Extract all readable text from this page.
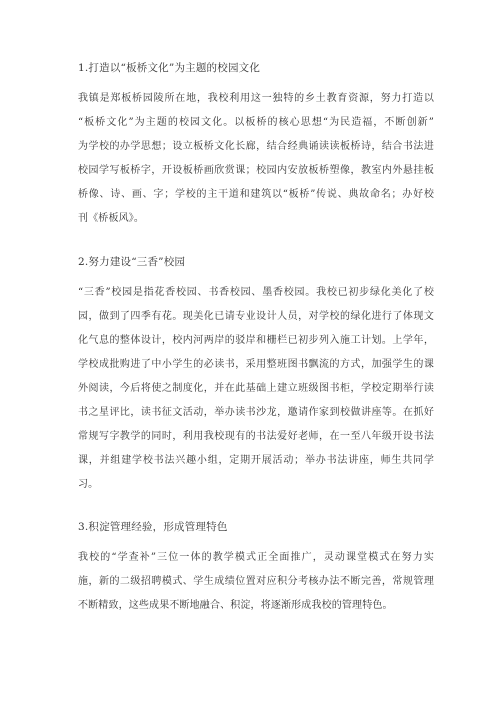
1.打造以“板桥文化”为主题的校园文化

我镇是郑板桥园陵所在地，我校利用这一独特的乡土教育资源，努力打造以
“板桥文化”为主题的校园文化。以板桥的核心思想“为民造福，不断创新”
为学校的办学思想；设立板桥文化长廊，结合经典诵读读板桥诗，结合书法进
校园学写板桥字，开设板桥画欣赏课；校园内安放板桥塑像，教室内外悬挂板
桥像、诗、画、字；学校的主干道和建筑以“板桥”传说、典故命名；办好校
刊《桥板风》。

2.努力建设“三香”校园

“三香”校园是指花香校园、书香校园、墨香校园。我校已初步绿化美化了校
园，做到了四季有花。现美化已请专业设计人员，对学校的绿化进行了体现文
化气息的整体设计，校内河两岸的驳岸和栅栏已初步列入施工计划。上学年，
学校成批购进了中小学生的必读书，采用整班图书飘流的方式，加强学生的课
外阅读，今后将使之制度化，并在此基础上建立班级图书柜，学校定期举行读
书之星评比，读书征文活动，举办读书沙龙，邀请作家到校做讲座等。在抓好
常规写字教学的同时，利用我校现有的书法爱好老师，在一至八年级开设书法
课，并组建学校书法兴趣小组，定期开展活动；举办书法讲座，师生共同学
习。

3.积淀管理经验，形成管理特色

我校的“学查补”三位一体的教学模式正全面推广，灵动课堂模式在努力实
施，新的二级招聘模式、学生成绩位置对应积分考核办法不断完善，常规管理
不断精致，这些成果不断地融合、积淀，将逐渐形成我校的管理特色。
